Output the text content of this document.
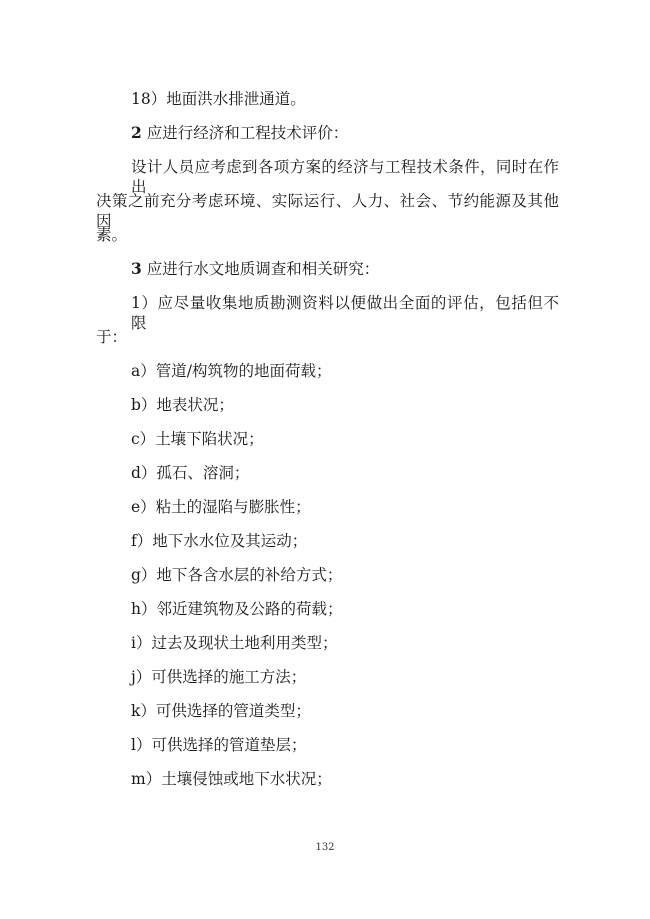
18）地面洪水排泄通道。
2 应进行经济和工程技术评价：
设计人员应考虑到各项方案的经济与工程技术条件，同时在作出
决策之前充分考虑环境、实际运行、人力、社会、节约能源及其他因
素。
3 应进行水文地质调查和相关研究：
1）应尽量收集地质勘测资料以便做出全面的评估，包括但不限
于：
a）管道/构筑物的地面荷载；
b）地表状况；
c）土壤下陷状况；
d）孤石、溶洞；
e）粘土的湿陷与膨胀性；
f）地下水水位及其运动；
g）地下各含水层的补给方式；
h）邻近建筑物及公路的荷载；
i）过去及现状土地利用类型；
j）可供选择的施工方法；
k）可供选择的管道类型；
l）可供选择的管道垫层；
m）土壤侵蚀或地下水状况；
132
